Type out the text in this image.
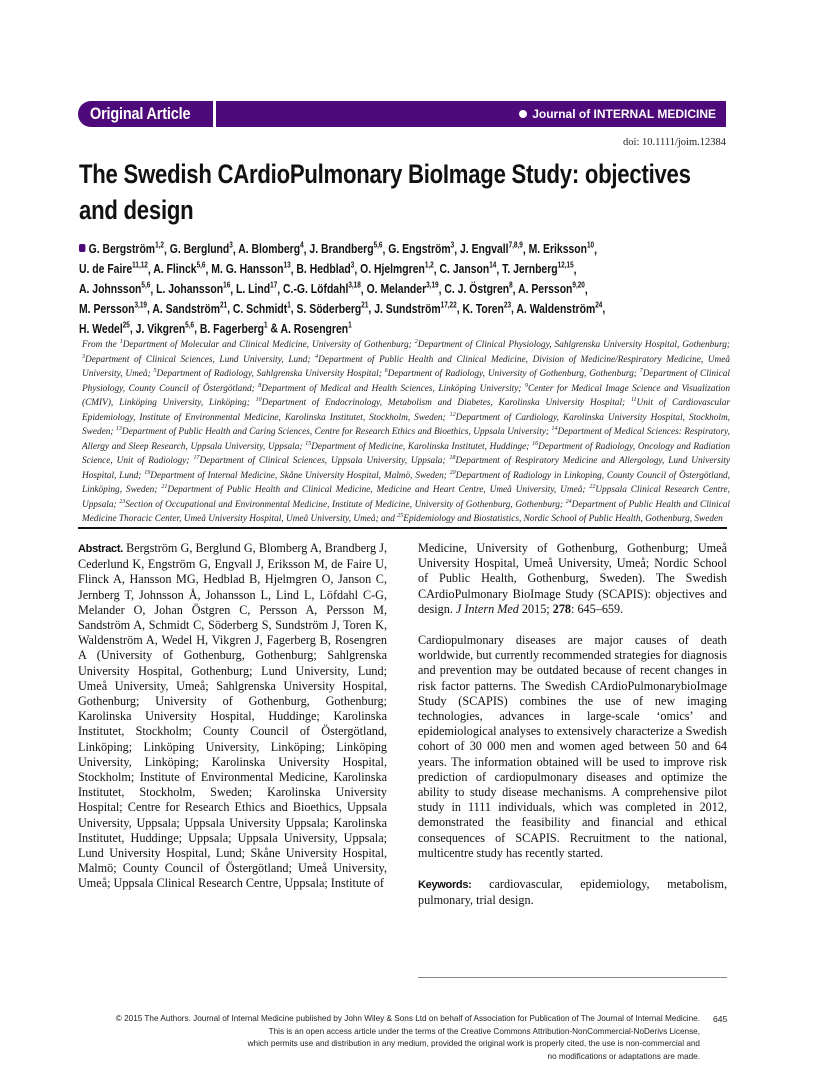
Original Article	Journal of INTERNAL MEDICINE
doi: 10.1111/joim.12384
The Swedish CArdioPulmonary BioImage Study: objectives
and design
G. Bergström$^{1,2}$, G. Berglund$^3$, A. Blomberg$^4$, J. Brandberg$^{5,6}$, G. Engström$^3$, J. Engvall$^{7,8,9}$, M. Eriksson$^{10}$,
U. de Faire$^{11,12}$, A. Flinck$^{5,6}$, M. G. Hansson$^{13}$, B. Hedblad$^3$, O. Hjelmgren$^{1,2}$, C. Janson$^{14}$, T. Jernberg$^{12,15}$,
A. Johnsson$^{5,6}$, L. Johansson$^{16}$, L. Lind$^{17}$, C.-G. Löfdahl$^{3,18}$, O. Melander$^{3,19}$, C. J. Östgren$^8$, A. Persson$^{9,20}$,
M. Persson$^{3,19}$, A. Sandström$^{21}$, C. Schmidt$^1$, S. Söderberg$^{21}$, J. Sundström$^{17,22}$, K. Toren$^{23}$, A. Waldenström$^{24}$,
H. Wedel$^{25}$, J. Vikgren$^{5,6}$, B. Fagerberg$^1$ & A. Rosengren$^1$
From the $^1$Department of Molecular and Clinical Medicine, University of Gothenburg; $^2$Department of Clinical Physiology, Sahlgrenska University Hospital, Gothenburg; $^3$Department of Clinical Sciences, Lund University, Lund; $^4$Department of Public Health and Clinical Medicine, Division of Medicine/Respiratory Medicine, Umeå University, Umeå; $^5$Department of Radiology, Sahlgrenska University Hospital; $^6$Department of Radiology, University of Gothenburg, Gothenburg; $^7$Department of Clinical Physiology, County Council of Östergötland; $^8$Department of Medical and Health Sciences, Linköping University; $^9$Center for Medical Image Science and Visualization (CMIV), Linköping University, Linköping; $^{10}$Department of Endocrinology, Metabolism and Diabetes, Karolinska University Hospital; $^{11}$Unit of Cardiovascular Epidemiology, Institute of Environmental Medicine, Karolinska Institutet, Stockholm, Sweden; $^{12}$Department of Cardiology, Karolinska University Hospital, Stockholm, Sweden; $^{13}$Department of Public Health and Caring Sciences, Centre for Research Ethics and Bioethics, Uppsala University; $^{14}$Department of Medical Sciences: Respiratory, Allergy and Sleep Research, Uppsala University, Uppsala; $^{15}$Department of Medicine, Karolinska Institutet, Huddinge; $^{16}$Department of Radiology, Oncology and Radiation Science, Unit of Radiology; $^{17}$Department of Clinical Sciences, Uppsala University, Uppsala; $^{18}$Department of Respiratory Medicine and Allergology, Lund University Hospital, Lund; $^{19}$Department of Internal Medicine, Skåne University Hospital, Malmö, Sweden; $^{20}$Department of Radiology in Linkoping, County Council of Östergötland, Linköping, Sweden; $^{21}$Department of Public Health and Clinical Medicine, Medicine and Heart Centre, Umeå University, Umeå; $^{22}$Uppsala Clinical Research Centre, Uppsala; $^{23}$Section of Occupational and Environmental Medicine, Institute of Medicine, University of Gothenburg, Gothenburg; $^{24}$Department of Public Health and Clinical Medicine Thoracic Center, Umeå University Hospital, Umeå University, Umeå; and $^{25}$Epidemiology and Biostatistics, Nordic School of Public Health, Gothenburg, Sweden

Abstract. Bergström G, Berglund G, Blomberg A, Brandberg J, Cederlund K, Engström G, Engvall J, Eriksson M, de Faire U, Flinck A, Hansson MG, Hedblad B, Hjelmgren O, Janson C, Jernberg T, Johnsson Å, Johansson L, Lind L, Löfdahl C-G, Melander O, Johan Östgren C, Persson A, Persson M, Sandström A, Schmidt C, Söderberg S, Sundström J, Toren K, Waldenström A, Wedel H, Vikgren J, Fagerberg B, Rosengren A (University of Gothenburg, Gothenburg; Sahlgrenska University Hospital, Gothenburg; Lund University, Lund; Umeå University, Umeå; Sahlgrenska University Hospital, Gothenburg; University of Gothenburg, Gothenburg; Karolinska University Hospital, Huddinge; Karolinska Institutet, Stockholm; County Council of Östergötland, Linköping; Linköping University, Linköping; Linköping University, Linköping; Karolinska University Hospital, Stockholm; Institute of Environmental Medicine, Karolinska Institutet, Stockholm, Sweden; Karolinska University Hospital; Centre for Research Ethics and Bioethics, Uppsala University, Uppsala; Uppsala University Uppsala; Karolinska Institutet, Huddinge; Uppsala; Uppsala University, Uppsala; Lund University Hospital, Lund; Skåne University Hospital, Malmö; County Council of Östergötland; Umeå University, Umeå; Uppsala Clinical Research Centre, Uppsala; Institute of

Medicine, University of Gothenburg, Gothenburg; Umeå University Hospital, Umeå University, Umeå; Nordic School of Public Health, Gothenburg, Sweden). The Swedish CArdioPulmonary BioImage Study (SCAPIS): objectives and design. J Intern Med 2015; 278: 645–659.

Cardiopulmonary diseases are major causes of death worldwide, but currently recommended strategies for diagnosis and prevention may be outdated because of recent changes in risk factor patterns. The Swedish CArdioPulmonarybioImage Study (SCAPIS) combines the use of new imaging technologies, advances in large-scale ‘omics’ and epidemiological analyses to extensively characterize a Swedish cohort of 30 000 men and women aged between 50 and 64 years. The information obtained will be used to improve risk prediction of cardiopulmonary diseases and optimize the ability to study disease mechanisms. A comprehensive pilot study in 1111 individuals, which was completed in 2012, demonstrated the feasibility and financial and ethical consequences of SCAPIS. Recruitment to the national, multicentre study has recently started.

Keywords: cardiovascular, epidemiology, metabolism, pulmonary, trial design.

© 2015 The Authors. Journal of Internal Medicine published by John Wiley & Sons Ltd on behalf of Association for Publication of The Journal of Internal Medicine.
This is an open access article under the terms of the Creative Commons Attribution-NonCommercial-NoDerivs License,
which permits use and distribution in any medium, provided the original work is properly cited, the use is non-commercial and
no modifications or adaptations are made.
645
